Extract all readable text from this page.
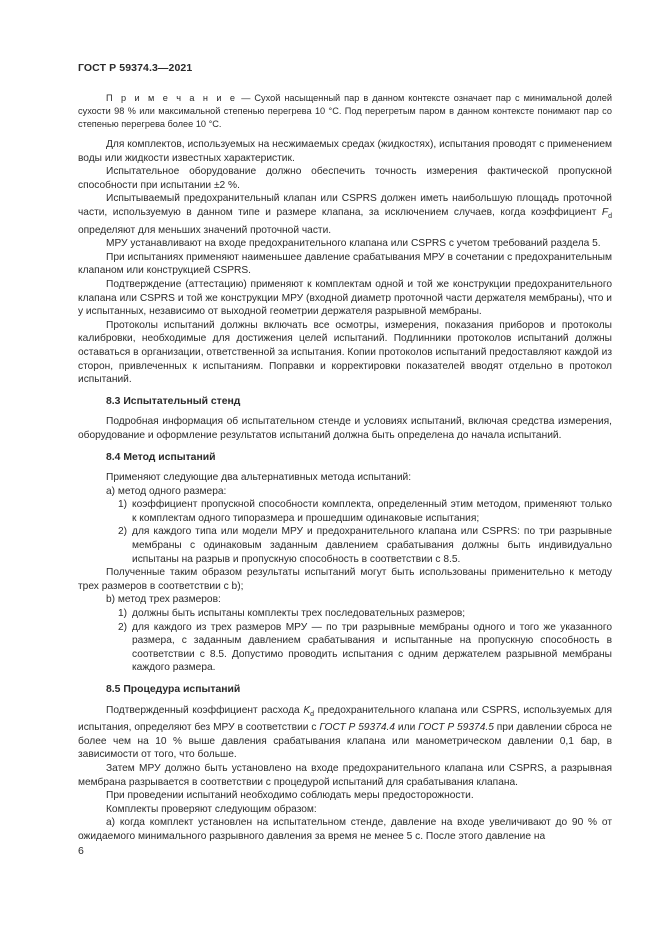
ГОСТ Р 59374.3—2021

П р и м е ч а н и е — Сухой насыщенный пар в данном контексте означает пар с минимальной долей сухости 98 % или максимальной степенью перегрева 10 °С. Под перегретым паром в данном контексте понимают пар со степенью перегрева более 10 °С.

Для комплектов, используемых на несжимаемых средах (жидкостях), испытания проводят с применением воды или жидкости известных характеристик.

Испытательное оборудование должно обеспечить точность измерения фактической пропускной способности при испытании ±2 %.

Испытываемый предохранительный клапан или CSPRS должен иметь наибольшую площадь проточной части, используемую в данном типе и размере клапана, за исключением случаев, когда коэффициент $F_d$ определяют для меньших значений проточной части.

МРУ устанавливают на входе предохранительного клапана или CSPRS с учетом требований раздела 5.

При испытаниях применяют наименьшее давление срабатывания МРУ в сочетании с предохранительным клапаном или конструкцией CSPRS.

Подтверждение (аттестацию) применяют к комплектам одной и той же конструкции предохранительного клапана или CSPRS и той же конструкции МРУ (входной диаметр проточной части держателя мембраны), что и у испытанных, независимо от выходной геометрии держателя разрывной мембраны.

Протоколы испытаний должны включать все осмотры, измерения, показания приборов и протоколы калибровки, необходимые для достижения целей испытаний. Подлинники протоколов испытаний должны оставаться в организации, ответственной за испытания. Копии протоколов испытаний предоставляют каждой из сторон, привлеченных к испытаниям. Поправки и корректировки показателей вводят отдельно в протокол испытаний.

8.3 Испытательный стенд

Подробная информация об испытательном стенде и условиях испытаний, включая средства измерения, оборудование и оформление результатов испытаний должна быть определена до начала испытаний.

8.4 Метод испытаний

Применяют следующие два альтернативных метода испытаний:

а) метод одного размера:

1) коэффициент пропускной способности комплекта, определенный этим методом, применяют только к комплектам одного типоразмера и прошедшим одинаковые испытания;
2) для каждого типа или модели МРУ и предохранительного клапана или CSPRS: по три разрывные мембраны с одинаковым заданным давлением срабатывания должны быть индивидуально испытаны на разрыв и пропускную способность в соответствии с 8.5.

Полученные таким образом результаты испытаний могут быть использованы применительно к методу трех размеров в соответствии с b);

b) метод трех размеров:

1) должны быть испытаны комплекты трех последовательных размеров;
2) для каждого из трех размеров МРУ — по три разрывные мембраны одного и того же указанного размера, с заданным давлением срабатывания и испытанные на пропускную способность в соответствии с 8.5. Допустимо проводить испытания с одним держателем разрывной мембраны каждого размера.
8.5 Процедура испытаний

Подтвержденный коэффициент расхода $K_d$ предохранительного клапана или CSPRS, используемых для испытания, определяют без МРУ в соответствии с ГОСТ Р 59374.4 или ГОСТ Р 59374.5 при давлении сброса не более чем на 10 % выше давления срабатывания клапана или манометрическом давлении 0,1 бар, в зависимости от того, что больше.

Затем МРУ должно быть установлено на входе предохранительного клапана или CSPRS, а разрывная мембрана разрывается в соответствии с процедурой испытаний для срабатывания клапана.

При проведении испытаний необходимо соблюдать меры предосторожности.

Комплекты проверяют следующим образом:

а) когда комплект установлен на испытательном стенде, давление на входе увеличивают до 90 % от ожидаемого минимального разрывного давления за время не менее 5 с. После этого давление на

6
